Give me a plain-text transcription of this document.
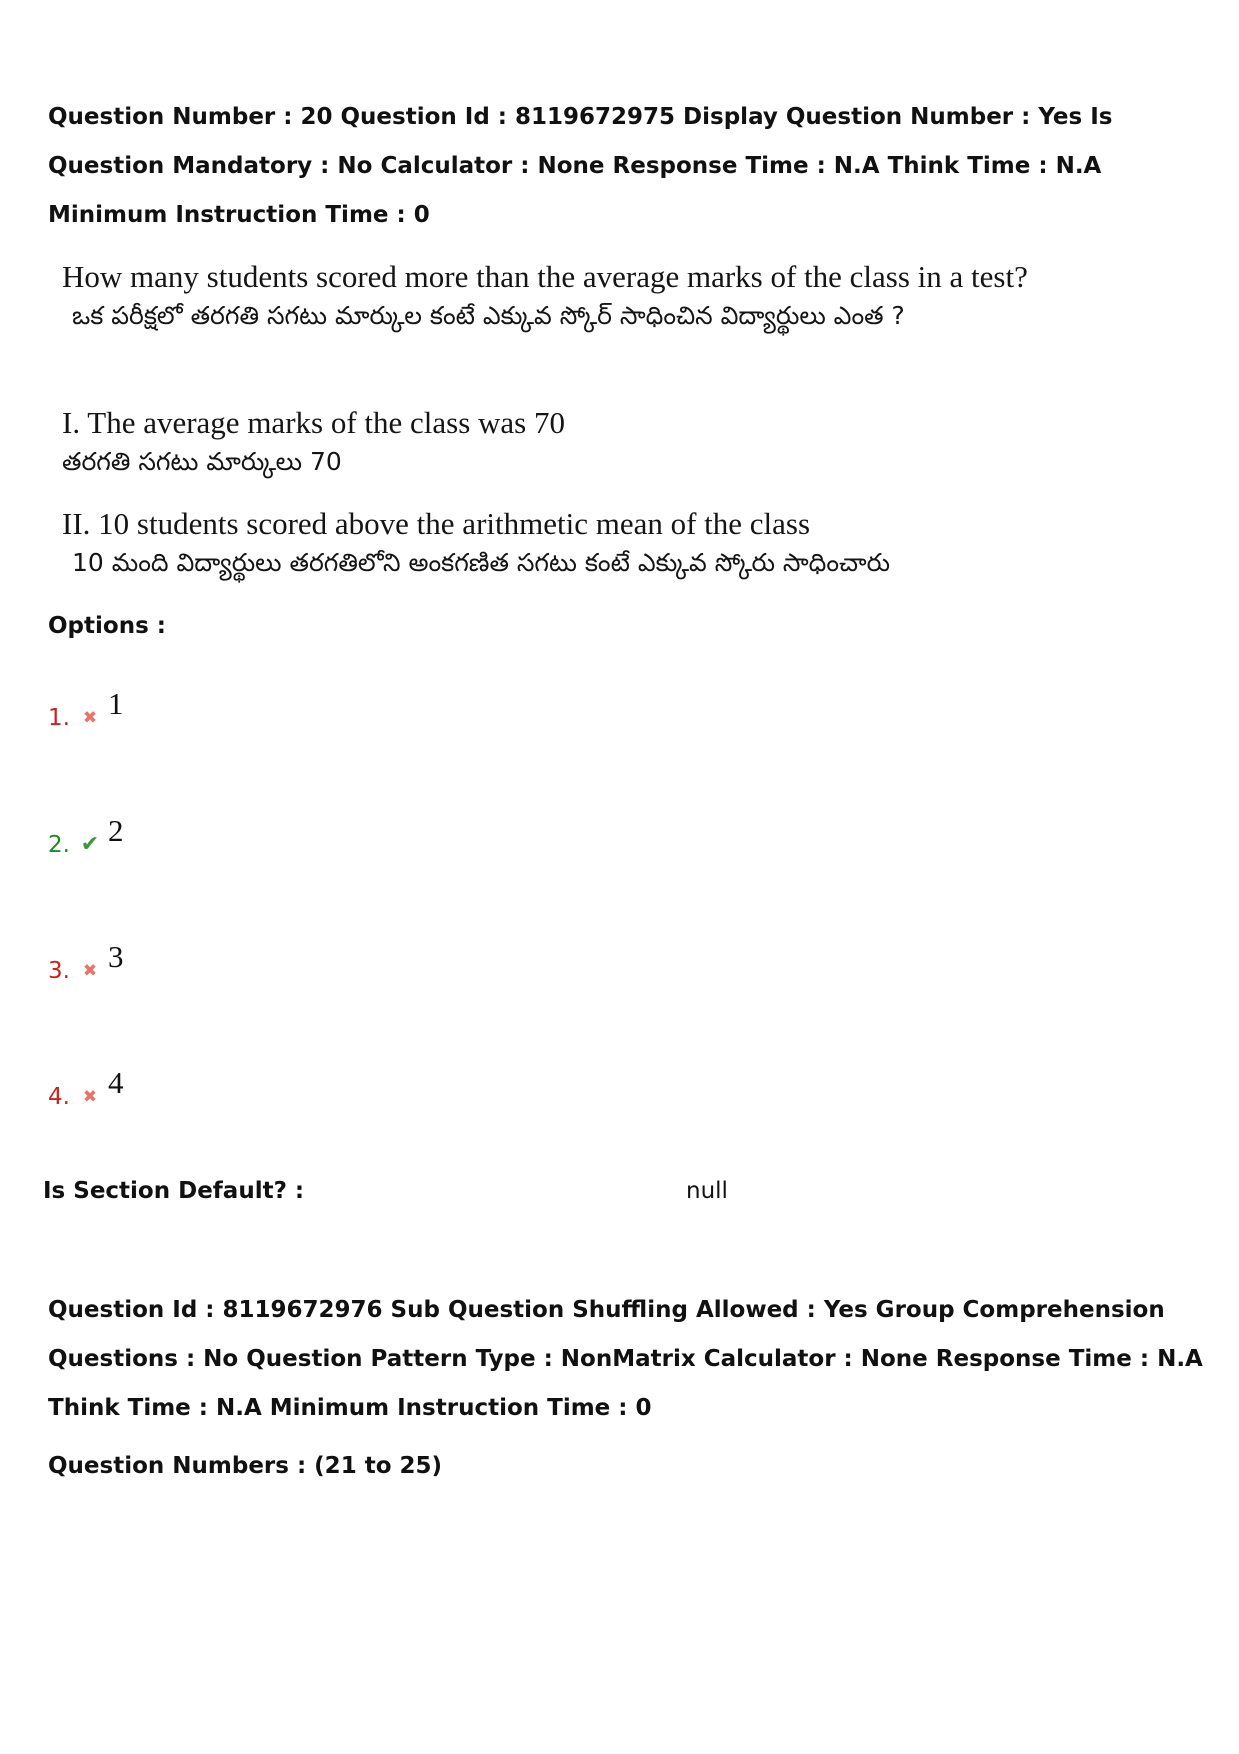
Question Number : 20 Question Id : 8119672975 Display Question Number : Yes Is Question Mandatory : No Calculator : None Response Time : N.A Think Time : N.A Minimum Instruction Time : 0

How many students scored more than the average marks of the class in a test?
ఒక పరీక్షలో తరగతి సగటు మార్కుల కంటే ఎక్కువ స్కోర్ సాధించిన విద్యార్థులు ఎంత ?
I. The average marks of the class was 70
తరగతి సగటు మార్కులు 70
II. 10 students scored above the arithmetic mean of the class
10 మంది విద్యార్థులు తరగతిలోని అంకగణిత సగటు కంటే ఎక్కువ స్కోరు సాధించారు
Options :
1. ✖ 1
2. ✔ 2
3. ✖ 3
4. ✖ 4
Is Section Default? :	null

Question Id : 8119672976 Sub Question Shuffling Allowed : Yes Group Comprehension Questions : No Question Pattern Type : NonMatrix Calculator : None Response Time : N.A Think Time : N.A Minimum Instruction Time : 0

Question Numbers : (21 to 25)
